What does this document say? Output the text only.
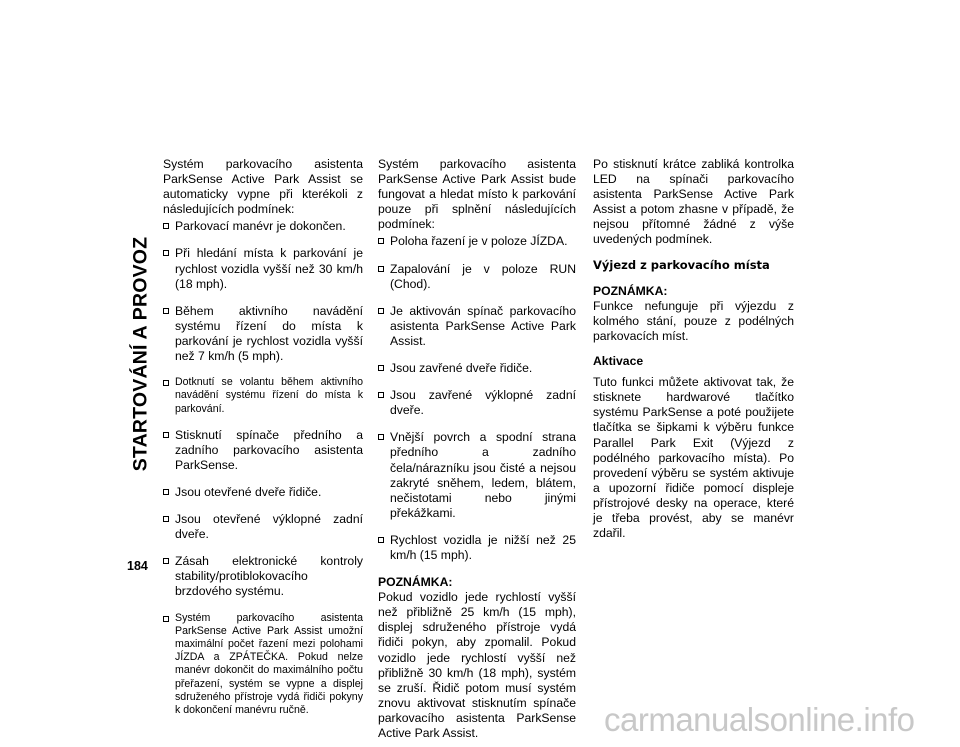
STARTOVÁNÍ A PROVOZ
184

Systém parkovacího asistenta ParkSense Active Park Assist se automaticky vypne při kterékoli z následujících podmínek:

Parkovací manévr je dokončen.
Při hledání místa k parkování je rychlost vozidla vyšší než 30 km/h (18 mph).
Během aktivního navádění systému řízení do místa k parkování je rychlost vozidla vyšší než 7 km/h (5 mph).
Dotknutí se volantu během aktivního navádění systému řízení do místa k parkování.
Stisknutí spínače předního a zadního parkovacího asistenta ParkSense.
Jsou otevřené dveře řidiče.
Jsou otevřené výklopné zadní dveře.
Zásah elektronické kontroly stability/protiblokovacího brzdového systému.
Systém parkovacího asistenta ParkSense Active Park Assist umožní maximální počet řazení mezi polohami JÍZDA a ZPÁTEČKA. Pokud nelze manévr dokončit do maximálního počtu přeřazení, systém se vypne a displej sdruženého přístroje vydá řidiči pokyny k dokončení manévru ručně.

Systém parkovacího asistenta ParkSense Active Park Assist bude fungovat a hledat místo k parkování pouze při splnění následujících podmínek:

Poloha řazení je v poloze JÍZDA.
Zapalování je v poloze RUN (Chod).
Je aktivován spínač parkovacího asistenta ParkSense Active Park Assist.
Jsou zavřené dveře řidiče.
Jsou zavřené výklopné zadní dveře.
Vnější povrch a spodní strana předního a zadního čela/nárazníku jsou čisté a nejsou zakryté sněhem, ledem, blátem, nečistotami nebo jinými překážkami.
Rychlost vozidla je nižší než 25 km/h (15 mph).

POZNÁMKA:

Pokud vozidlo jede rychlostí vyšší než přibližně 25 km/h (15 mph), displej sdruženého přístroje vydá řidiči pokyn, aby zpomalil. Pokud vozidlo jede rychlostí vyšší než přibližně 30 km/h (18 mph), systém se zruší. Řidič potom musí systém znovu aktivovat stisknutím spínače parkovacího asistenta ParkSense Active Park Assist.

Po stisknutí krátce zabliká kontrolka LED na spínači parkovacího asistenta ParkSense Active Park Assist a potom zhasne v případě, že nejsou přítomné žádné z výše uvedených podmínek.

Výjezd z parkovacího místa

POZNÁMKA:

Funkce nefunguje při výjezdu z kolmého stání, pouze z podélných parkovacích míst.

Aktivace

Tuto funkci můžete aktivovat tak, že stisknete hardwarové tlačítko systému ParkSense a poté použijete tlačítka se šipkami k výběru funkce Parallel Park Exit (Výjezd z podélného parkovacího místa). Po provedení výběru se systém aktivuje a upozorní řidiče pomocí displeje přístrojové desky na operace, které je třeba provést, aby se manévr zdařil.

carmanualsonline.info
